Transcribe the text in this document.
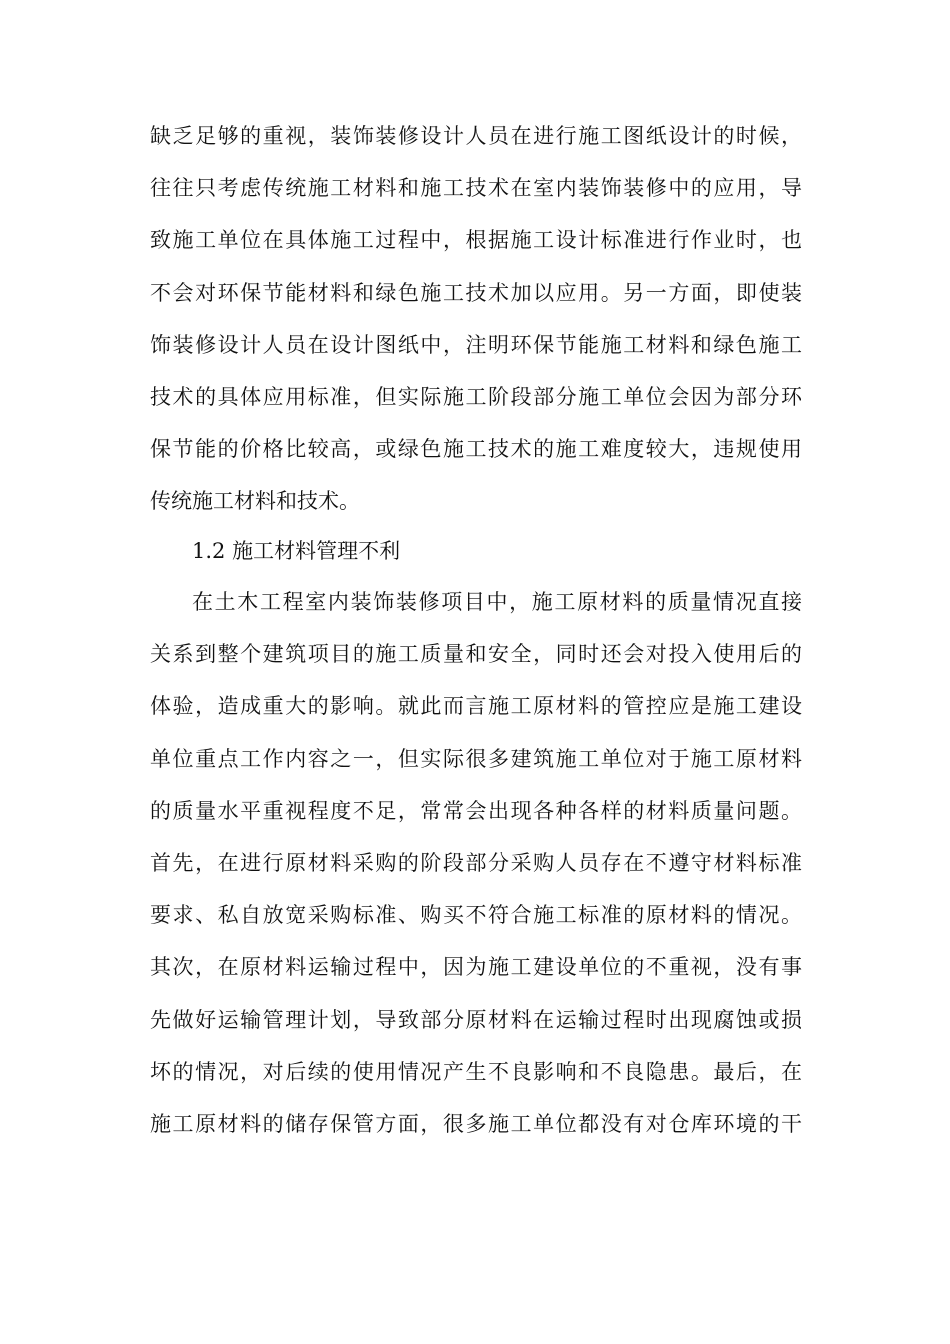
缺乏足够的重视，装饰装修设计人员在进行施工图纸设计的时候，
往往只考虑传统施工材料和施工技术在室内装饰装修中的应用，导
致施工单位在具体施工过程中，根据施工设计标准进行作业时，也
不会对环保节能材料和绿色施工技术加以应用。另一方面，即使装
饰装修设计人员在设计图纸中，注明环保节能施工材料和绿色施工
技术的具体应用标准，但实际施工阶段部分施工单位会因为部分环
保节能的价格比较高，或绿色施工技术的施工难度较大，违规使用
传统施工材料和技术。

1.2 施工材料管理不利

在土木工程室内装饰装修项目中，施工原材料的质量情况直接
关系到整个建筑项目的施工质量和安全，同时还会对投入使用后的
体验，造成重大的影响。就此而言施工原材料的管控应是施工建设
单位重点工作内容之一，但实际很多建筑施工单位对于施工原材料
的质量水平重视程度不足，常常会出现各种各样的材料质量问题。
首先，在进行原材料采购的阶段部分采购人员存在不遵守材料标准
要求、私自放宽采购标准、购买不符合施工标准的原材料的情况。
其次，在原材料运输过程中，因为施工建设单位的不重视，没有事
先做好运输管理计划，导致部分原材料在运输过程时出现腐蚀或损
坏的情况，对后续的使用情况产生不良影响和不良隐患。最后，在
施工原材料的储存保管方面，很多施工单位都没有对仓库环境的干
